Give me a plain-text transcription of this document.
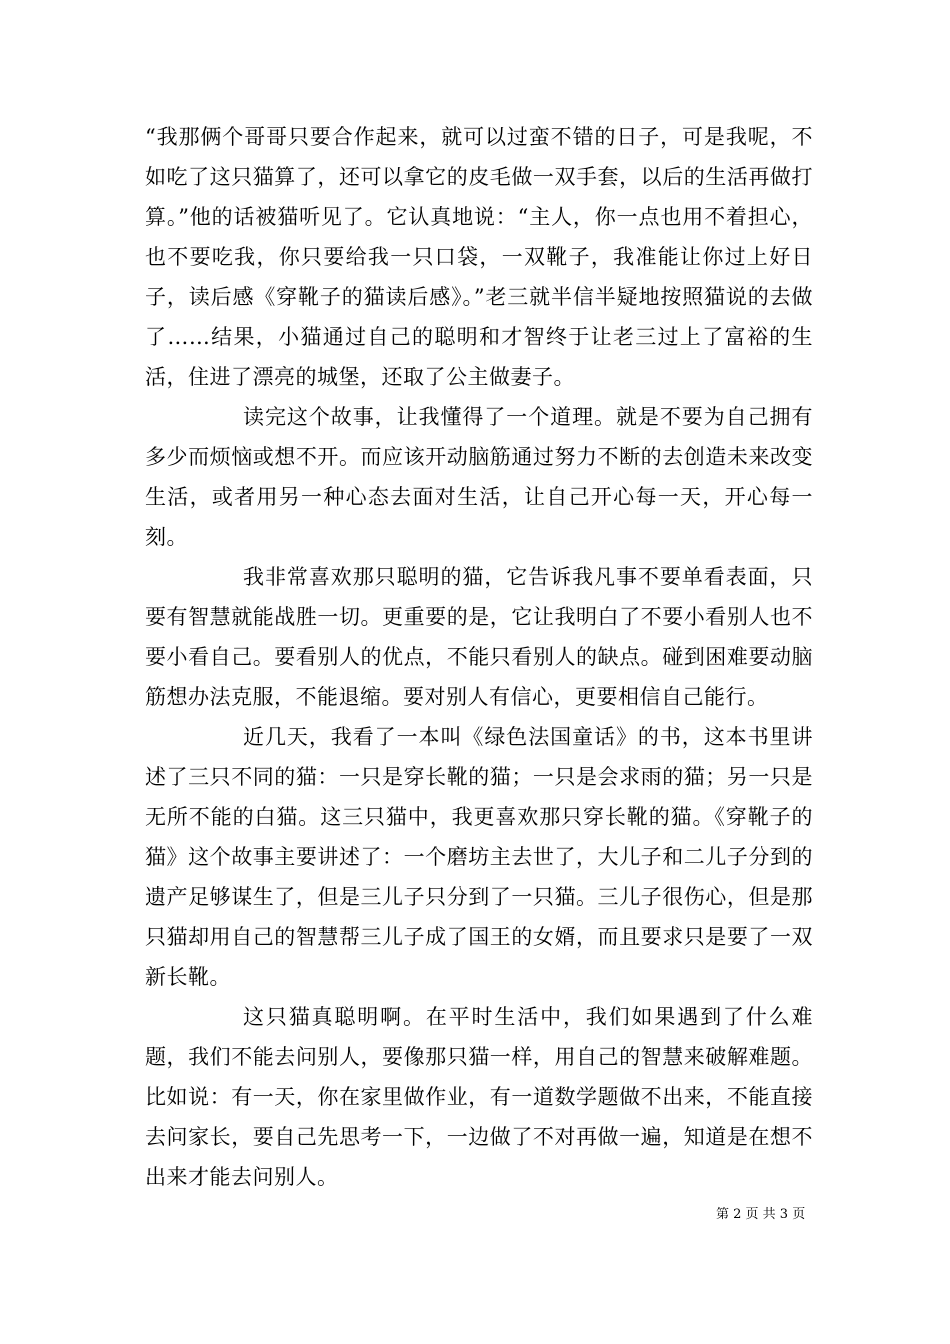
“我那俩个哥哥只要合作起来，就可以过蛮不错的日子，可是我呢，不如吃了这只猫算了，还可以拿它的皮毛做一双手套，以后的生活再做打算。”他的话被猫听见了。它认真地说：“主人，你一点也用不着担心，也不要吃我，你只要给我一只口袋，一双靴子，我准能让你过上好日子，读后感《穿靴子的猫读后感》。”老三就半信半疑地按照猫说的去做了……结果，小猫通过自己的聪明和才智终于让老三过上了富裕的生活，住进了漂亮的城堡，还取了公主做妻子。

读完这个故事，让我懂得了一个道理。就是不要为自己拥有多少而烦恼或想不开。而应该开动脑筋通过努力不断的去创造未来改变生活，或者用另一种心态去面对生活，让自己开心每一天，开心每一刻。

我非常喜欢那只聪明的猫，它告诉我凡事不要单看表面，只要有智慧就能战胜一切。更重要的是，它让我明白了不要小看别人也不要小看自己。要看别人的优点，不能只看别人的缺点。碰到困难要动脑筋想办法克服，不能退缩。要对别人有信心，更要相信自己能行。

近几天，我看了一本叫《绿色法国童话》的书，这本书里讲述了三只不同的猫：一只是穿长靴的猫；一只是会求雨的猫；另一只是无所不能的白猫。这三只猫中，我更喜欢那只穿长靴的猫。《穿靴子的猫》这个故事主要讲述了：一个磨坊主去世了，大儿子和二儿子分到的遗产足够谋生了，但是三儿子只分到了一只猫。三儿子很伤心，但是那只猫却用自己的智慧帮三儿子成了国王的女婿，而且要求只是要了一双新长靴。

这只猫真聪明啊。在平时生活中，我们如果遇到了什么难题，我们不能去问别人，要像那只猫一样，用自己的智慧来破解难题。比如说：有一天，你在家里做作业，有一道数学题做不出来，不能直接去问家长，要自己先思考一下，一边做了不对再做一遍，知道是在想不出来才能去问别人。

第 2 页 共 3 页
